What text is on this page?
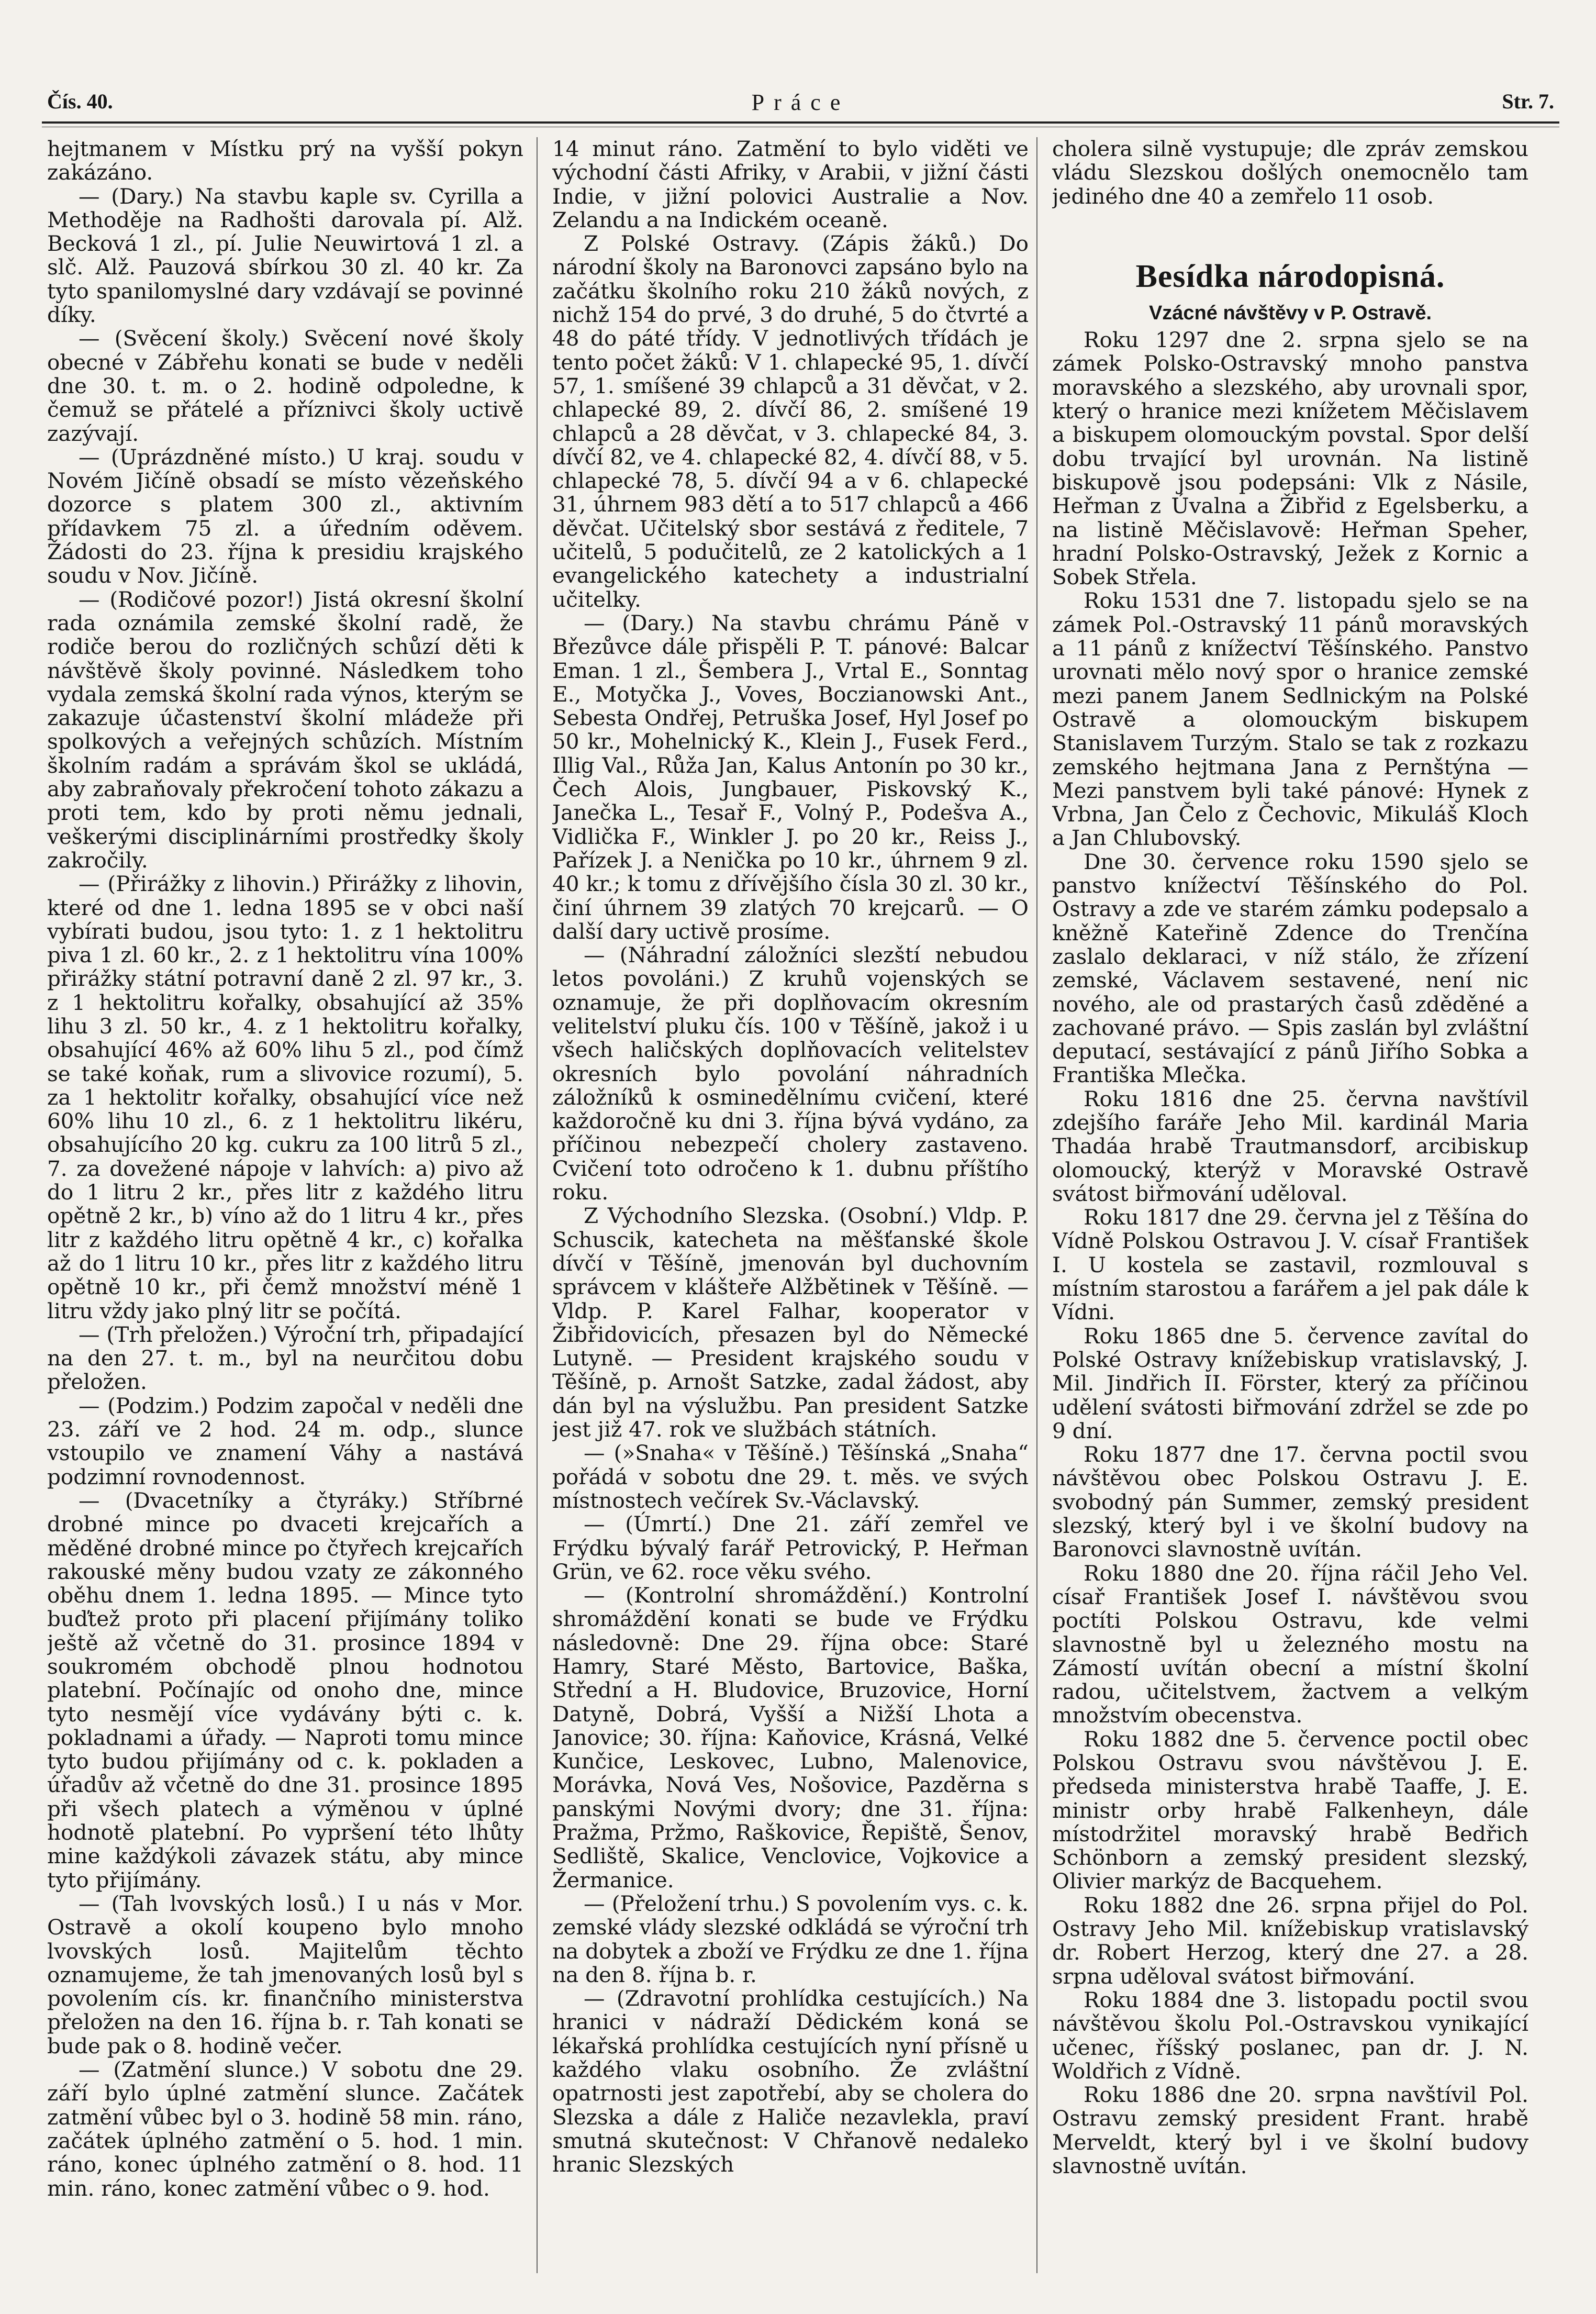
Čís. 40.	Práce	Str. 7.

hejtmanem v Místku prý na vyšší pokyn zakázáno.

— (Dary.) Na stavbu kaple sv. Cyrilla a Methoděje na Radhošti darovala pí. Alž. Becková 1 zl., pí. Julie Neuwirtová 1 zl. a slč. Alž. Pauzová sbírkou 30 zl. 40 kr. Za tyto spanilomyslné dary vzdávají se povinné díky.

— (Svěcení školy.) Svěcení nové školy obecné v Zábřehu konati se bude v neděli dne 30. t. m. o 2. hodině odpoledne, k čemuž se přátelé a příznivci školy uctivě zazývají.

— (Uprázdněné místo.) U kraj. soudu v Novém Jičíně obsadí se místo vězeňského dozorce s platem 300 zl., aktivním přídavkem 75 zl. a úředním oděvem. Žádosti do 23. října k presidiu krajského soudu v Nov. Jičíně.

— (Rodičové pozor!) Jistá okresní školní rada oznámila zemské školní radě, že rodiče berou do rozličných schůzí děti k návštěvě školy povinné. Následkem toho vydala zemská školní rada výnos, kterým se zakazuje účastenství školní mládeže při spolkových a veřejných schůzích. Místním školním radám a správám škol se ukládá, aby zabraňovaly překročení tohoto zákazu a proti tem, kdo by proti němu jednali, veškerými disciplinárními prostředky školy zakročily.

— (Přirážky z lihovin.) Přirážky z lihovin, které od dne 1. ledna 1895 se v obci naší vybírati budou, jsou tyto: 1. z 1 hektolitru piva 1 zl. 60 kr., 2. z 1 hektolitru vína 100% přirážky státní potravní daně 2 zl. 97 kr., 3. z 1 hektolitru kořalky, obsahující až 35% lihu 3 zl. 50 kr., 4. z 1 hektolitru kořalky, obsahující 46% až 60% lihu 5 zl., pod čímž se také koňak, rum a slivovice rozumí), 5. za 1 hektolitr kořalky, obsahující více než 60% lihu 10 zl., 6. z 1 hektolitru likéru, obsahujícího 20 kg. cukru za 100 litrů 5 zl., 7. za dovežené nápoje v lahvích: a) pivo až do 1 litru 2 kr., přes litr z každého litru opětně 2 kr., b) víno až do 1 litru 4 kr., přes litr z každého litru opětně 4 kr., c) kořalka až do 1 litru 10 kr., přes litr z každého litru opětně 10 kr., při čemž množství méně 1 litru vždy jako plný litr se počítá.

— (Trh přeložen.) Výroční trh, připadající na den 27. t. m., byl na neurčitou dobu přeložen.

— (Podzim.) Podzim započal v neděli dne 23. září ve 2 hod. 24 m. odp., slunce vstoupilo ve znamení Váhy a nastává podzimní rovnodennost.

— (Dvacetníky a čtyráky.) Stříbrné drobné mince po dvaceti krejcařích a měděné drobné mince po čtyřech krejcařích rakouské měny budou vzaty ze zákonného oběhu dnem 1. ledna 1895. — Mince tyto buďtež proto při placení přijímány toliko ještě až včetně do 31. prosince 1894 v soukromém obchodě plnou hodnotou platební. Počínajíc od onoho dne, mince tyto nesmějí více vydávány býti c. k. pokladnami a úřady. — Naproti tomu mince tyto budou přijímány od c. k. pokladen a úřadův až včetně do dne 31. prosince 1895 při všech platech a výměnou v úplné hodnotě platební. Po vypršení této lhůty mine každýkoli závazek státu, aby mince tyto přijímány.

— (Tah lvovských losů.) I u nás v Mor. Ostravě a okolí koupeno bylo mnoho lvovských losů. Majitelům těchto oznamujeme, že tah jmenovaných losů byl s povolením cís. kr. finančního ministerstva přeložen na den 16. října b. r. Tah konati se bude pak o 8. hodině večer.

— (Zatmění slunce.) V sobotu dne 29. září bylo úplné zatmění slunce. Začátek zatmění vůbec byl o 3. hodině 58 min. ráno, začátek úplného zatmění o 5. hod. 1 min. ráno, konec úplného zatmění o 8. hod. 11 min. ráno, konec zatmění vůbec o 9. hod.

14 minut ráno. Zatmění to bylo viděti ve východní části Afriky, v Arabii, v jižní části Indie, v jižní polovici Australie a Nov. Zelandu a na Indickém oceaně.

Z Polské Ostravy. (Zápis žáků.) Do národní školy na Baronovci zapsáno bylo na začátku školního roku 210 žáků nových, z nichž 154 do prvé, 3 do druhé, 5 do čtvrté a 48 do páté třídy. V jednotlivých třídách je tento počet žáků: V 1. chlapecké 95, 1. dívčí 57, 1. smíšené 39 chlapců a 31 děvčat, v 2. chlapecké 89, 2. dívčí 86, 2. smíšené 19 chlapců a 28 děvčat, v 3. chlapecké 84, 3. dívčí 82, ve 4. chlapecké 82, 4. dívčí 88, v 5. chlapecké 78, 5. dívčí 94 a v 6. chlapecké 31, úhrnem 983 dětí a to 517 chlapců a 466 děvčat. Učitelský sbor sestává z ředitele, 7 učitelů, 5 podučitelů, ze 2 katolických a 1 evangelického katechety a industrialní učitelky.

— (Dary.) Na stavbu chrámu Páně v Březůvce dále přispěli P. T. pánové: Balcar Eman. 1 zl., Šembera J., Vrtal E., Sonntag E., Motyčka J., Voves, Boczianowski Ant., Sebesta Ondřej, Petruška Josef, Hyl Josef po 50 kr., Mohelnický K., Klein J., Fusek Ferd., Illig Val., Růža Jan, Kalus Antonín po 30 kr., Čech Alois, Jungbauer, Piskovský K., Janečka L., Tesař F., Volný P., Podešva A., Vidlička F., Winkler J. po 20 kr., Reiss J., Pařízek J. a Nenička po 10 kr., úhrnem 9 zl. 40 kr.; k tomu z dřívějšího čísla 30 zl. 30 kr., činí úhrnem 39 zlatých 70 krejcarů. — O další dary uctivě prosíme.

— (Náhradní záložníci slezští nebudou letos povoláni.) Z kruhů vojenských se oznamuje, že při doplňovacím okresním velitelství pluku čís. 100 v Těšíně, jakož i u všech haličských doplňovacích velitelstev okresních bylo povolání náhradních záložníků k osminedělnímu cvičení, které každoročně ku dni 3. října bývá vydáno, za příčinou nebezpečí cholery zastaveno. Cvičení toto odročeno k 1. dubnu příštího roku.

Z Východního Slezska. (Osobní.) Vldp. P. Schuscik, katecheta na měšťanské škole dívčí v Těšíně, jmenován byl duchovním správcem v klášteře Alžbětinek v Těšíně. — Vldp. P. Karel Falhar, kooperator v Žibřidovicích, přesazen byl do Německé Lutyně. — President krajského soudu v Těšíně, p. Arnošt Satzke, zadal žádost, aby dán byl na výslužbu. Pan president Satzke jest již 47. rok ve službách státních.

— (»Snaha« v Těšíně.) Těšínská „Snaha“ pořádá v sobotu dne 29. t. měs. ve svých místnostech večírek Sv.-Václavský.

— (Úmrtí.) Dne 21. září zemřel ve Frýdku bývalý farář Petrovický, P. Heřman Grün, ve 62. roce věku svého.

— (Kontrolní shromáždění.) Kontrolní shromáždění konati se bude ve Frýdku následovně: Dne 29. října obce: Staré Hamry, Staré Město, Bartovice, Baška, Střední a H. Bludovice, Bruzovice, Horní Datyně, Dobrá, Vyšší a Nižší Lhota a Janovice; 30. října: Kaňovice, Krásná, Velké Kunčice, Leskovec, Lubno, Malenovice, Morávka, Nová Ves, Nošovice, Pazděrna s panskými Novými dvory; dne 31. října: Pražma, Pržmo, Raškovice, Řepiště, Šenov, Sedliště, Skalice, Venclovice, Vojkovice a Žermanice.

— (Přeložení trhu.) S povolením vys. c. k. zemské vlády slezské odkládá se výroční trh na dobytek a zboží ve Frýdku ze dne 1. října na den 8. října b. r.

— (Zdravotní prohlídka cestujících.) Na hranici v nádraží Dědickém koná se lékařská prohlídka cestujících nyní přísně u každého vlaku osobního. Že zvláštní opatrnosti jest zapotřebí, aby se cholera do Slezska a dále z Haliče nezavlekla, praví smutná skutečnost: V Chřanově nedaleko hranic Slezských

cholera silně vystupuje; dle zpráv zemskou vládu Slezskou došlých onemocnělo tam jediného dne 40 a zemřelo 11 osob.

Besídka národopisná.
Vzácné návštěvy v P. Ostravě.

Roku 1297 dne 2. srpna sjelo se na zámek Polsko-Ostravský mnoho panstva moravského a slezského, aby urovnali spor, který o hranice mezi knížetem Měčislavem a biskupem olomouckým povstal. Spor delší dobu trvající byl urovnán. Na listině biskupově jsou podepsáni: Vlk z Násile, Heřman z Úvalna a Žibřid z Egelsberku, a na listině Měčislavově: Heřman Speher, hradní Polsko-Ostravský, Ježek z Kornic a Sobek Střela.

Roku 1531 dne 7. listopadu sjelo se na zámek Pol.-Ostravský 11 pánů moravských a 11 pánů z knížectví Těšínského. Panstvo urovnati mělo nový spor o hranice zemské mezi panem Janem Sedlnickým na Polské Ostravě a olomouckým biskupem Stanislavem Turzým. Stalo se tak z rozkazu zemského hejtmana Jana z Pernštýna — Mezi panstvem byli také pánové: Hynek z Vrbna, Jan Čelo z Čechovic, Mikuláš Kloch a Jan Chlubovský.

Dne 30. července roku 1590 sjelo se panstvo knížectví Těšínského do Pol. Ostravy a zde ve starém zámku podepsalo a kněžně Kateřině Zdence do Trenčína zaslalo deklaraci, v níž stálo, že zřízení zemské, Václavem sestavené, není nic nového, ale od prastarých časů zděděné a zachované právo. — Spis zaslán byl zvláštní deputací, sestávající z pánů Jiřího Sobka a Františka Mlečka.

Roku 1816 dne 25. června navštívil zdejšího faráře Jeho Mil. kardinál Maria Thadáa hrabě Trautmansdorf, arcibiskup olomoucký, kterýž v Moravské Ostravě svátost biřmování uděloval.

Roku 1817 dne 29. června jel z Těšína do Vídně Polskou Ostravou J. V. císař František I. U kostela se zastavil, rozmlouval s místním starostou a farářem a jel pak dále k Vídni.

Roku 1865 dne 5. července zavítal do Polské Ostravy knížebiskup vratislavský, J. Mil. Jindřich II. Förster, který za příčinou udělení svátosti biřmování zdržel se zde po 9 dní.

Roku 1877 dne 17. června poctil svou návštěvou obec Polskou Ostravu J. E. svobodný pán Summer, zemský president slezský, který byl i ve školní budovy na Baronovci slavnostně uvítán.

Roku 1880 dne 20. října ráčil Jeho Vel. císař František Josef I. návštěvou svou poctíti Polskou Ostravu, kde velmi slavnostně byl u železného mostu na Zámostí uvítán obecní a místní školní radou, učitelstvem, žactvem a velkým množstvím obecenstva.

Roku 1882 dne 5. července poctil obec Polskou Ostravu svou návštěvou J. E. předseda ministerstva hrabě Taaffe, J. E. ministr orby hrabě Falkenheyn, dále místodržitel moravský hrabě Bedřich Schönborn a zemský president slezský, Olivier markýz de Bacquehem.

Roku 1882 dne 26. srpna přijel do Pol. Ostravy Jeho Mil. knížebiskup vratislavský dr. Robert Herzog, který dne 27. a 28. srpna uděloval svátost biřmování.

Roku 1884 dne 3. listopadu poctil svou návštěvou školu Pol.-Ostravskou vynikající učenec, říšský poslanec, pan dr. J. N. Woldřich z Vídně.

Roku 1886 dne 20. srpna navštívil Pol. Ostravu zemský president Frant. hrabě Merveldt, který byl i ve školní budovy slavnostně uvítán.
